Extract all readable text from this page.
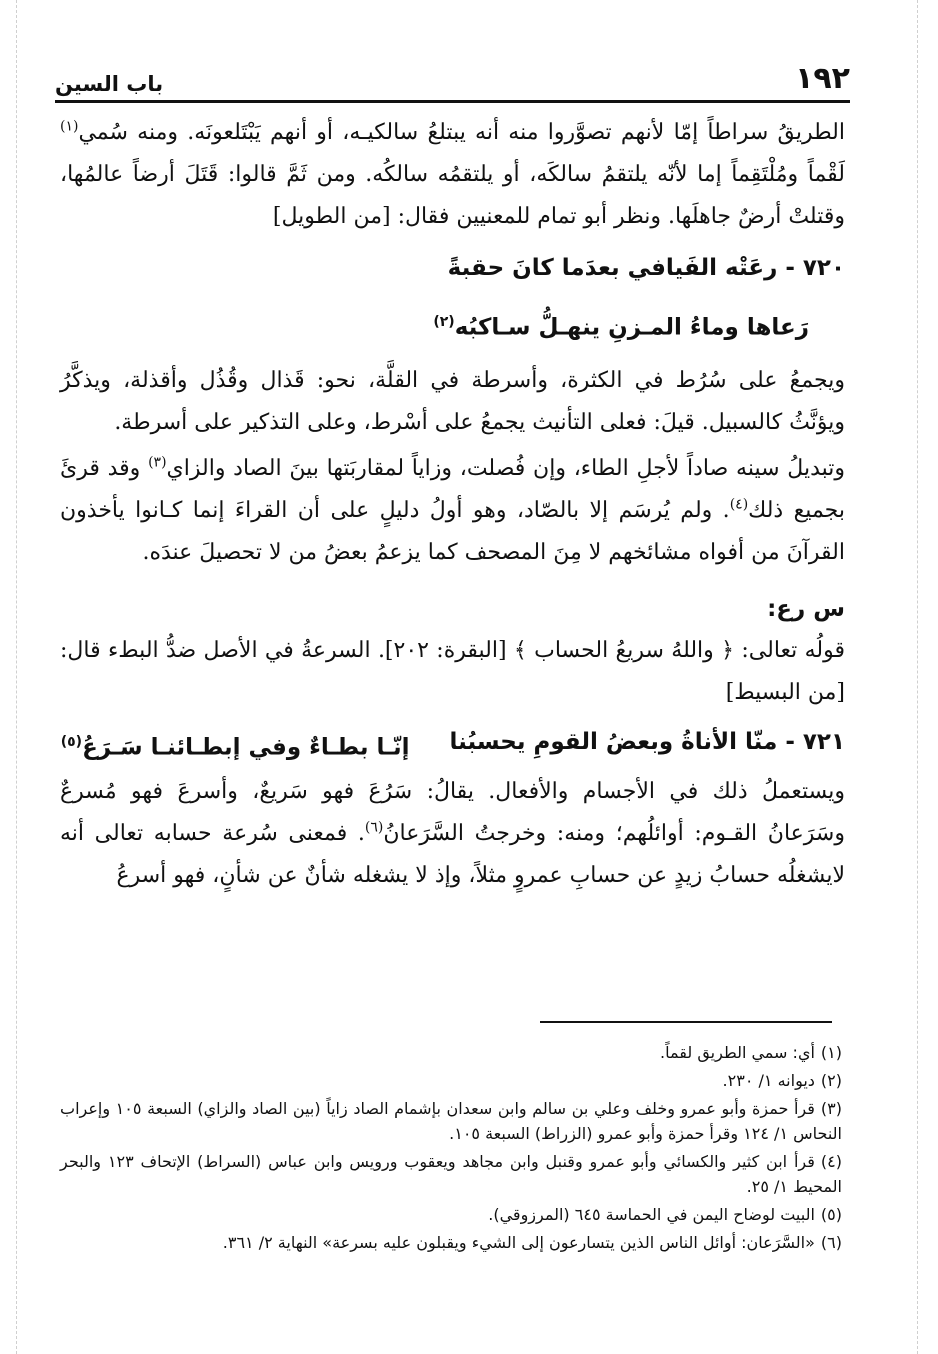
١٩٢
باب السين

الطريقُ سراطاً إمّا لأنهم تصوَّروا منه أنه يبتلعُ سالكيـه، أو أنهم يَبْتَلعونَه. ومنه سُمي$^{(١)}$ لَقْماً ومُلْتَقِماً إما لأنّه يلتقمُ سالكَه، أو يلتقمُه سالكُه. ومن ثَمَّ قالوا: قَتَلَ أرضاً عالمُها، وقتلتْ أرضٌ جاهلَها. ونظر أبو تمام للمعنيين فقال: [من الطويل]

٧٢٠ - رعَتْه الفَيافي بعدَما كانَ حقبةً
رَعاها وماءُ المـزنِ ينهـلُّ سـاكبُه$^{(٢)}$

ويجمعُ على سُرُط في الكثرة، وأسرطة في القلَّة، نحو: قَذال وقُذُل وأقذلة، ويذكَّرُ ويؤنَّثُ كالسبيل. قيلَ: فعلى التأنيث يجمعُ على أسْرط، وعلى التذكير على أسرطة.

وتبديلُ سينه صاداً لأجلِ الطاء، وإن فُصلت، وزاياً لمقاربَتها بينَ الصاد والزاي$^{(٣)}$ وقد قرئَ بجميع ذلك$^{(٤)}$. ولم يُرسَم إلا بالصّاد، وهو أولُ دليلٍ على أن القراءَ إنما كـانوا يأخذون القرآنَ من أفواه مشائخهم لا مِنَ المصحف كما يزعمُ بعضُ من لا تحصيلَ عندَه.

س رع:

قولُه تعالى: ﴿ واللهُ سريعُ الحساب ﴾ [البقرة: ٢٠٢]. السرعةُ في الأصل ضدُّ البطء قال: [من البسيط]

٧٢١ - منّا الأناةُ وبعضُ القومِ يحسبُنا
إنّـا بطـاءٌ وفي إبطـائنـا سَـرَعُ$^{(٥)}$

ويستعملُ ذلك في الأجسام والأفعال. يقالُ: سَرُعَ فهو سَريعٌ، وأسرعَ فهو مُسرعٌ وسَرَعانُ القـوم: أوائلُهم؛ ومنه: وخرجتُ السَّرَعانُ$^{(٦)}$. فمعنى سُرعة حسابه تعالى أنه لايشغلُه حسابُ زيدٍ عن حسابِ عمروٍ مثلاً، وإذ لا يشغله شأنٌ عن شأنٍ، فهو أسرعُ

(١)أي: سمي الطريق لقماً.

(٢)ديوانه ١/ ٢٣٠.

(٣)قرأ حمزة وأبو عمرو وخلف وعلي بن سالم وابن سعدان بإشمام الصاد زاياً (بين الصاد والزاي) السبعة ١٠٥ وإعراب النحاس ١/ ١٢٤ وقرأ حمزة وأبو عمرو (الزراط) السبعة ١٠٥.

(٤)قرأ ابن كثير والكسائي وأبو عمرو وقنبل وابن مجاهد ويعقوب ورويس وابن عباس (السراط) الإتحاف ١٢٣ والبحر المحيط ١/ ٢٥.

(٥)البيت لوضاح اليمن في الحماسة ٦٤٥ (المرزوقي).

(٦)«السَّرَعان: أوائل الناس الذين يتسارعون إلى الشيء ويقبلون عليه بسرعة» النهاية ٢/ ٣٦١.
